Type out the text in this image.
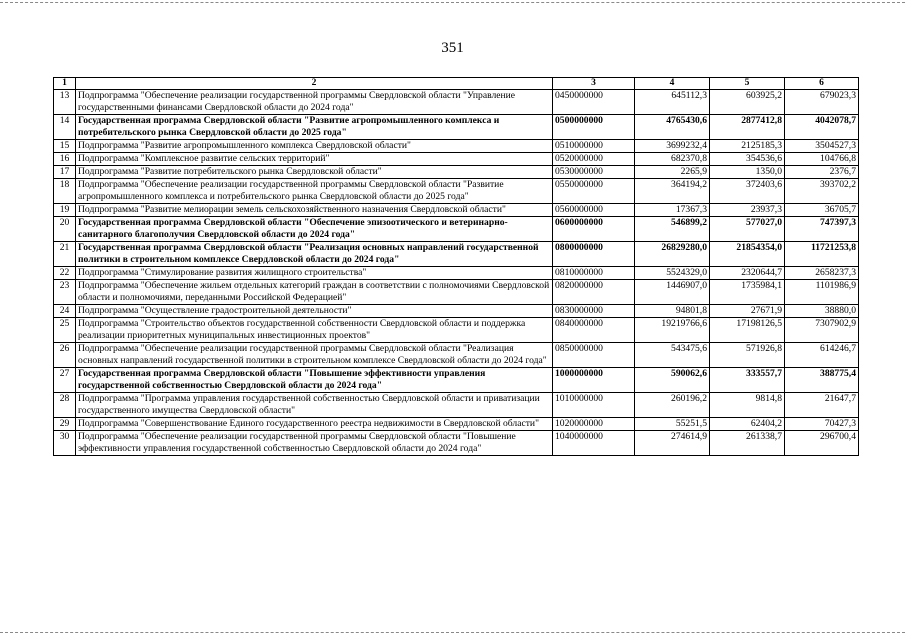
351
1	2	3	4	5	6
13	Подпрограмма "Обеспечение реализации государственной программы Свердловской области "Управление государственными финансами Свердловской области до 2024 года"	0450000000	645112,3	603925,2	679023,3
14	Государственная программа Свердловской области "Развитие агропромышленного комплекса и потребительского рынка Свердловской области до 2025 года"	0500000000	4765430,6	2877412,8	4042078,7
15	Подпрограмма "Развитие агропромышленного комплекса Свердловской области"	0510000000	3699232,4	2125185,3	3504527,3
16	Подпрограмма "Комплексное развитие сельских территорий"	0520000000	682370,8	354536,6	104766,8
17	Подпрограмма "Развитие потребительского рынка Свердловской области"	0530000000	2265,9	1350,0	2376,7
18	Подпрограмма "Обеспечение реализации государственной программы Свердловской области "Развитие агропромышленного комплекса и потребительского рынка Свердловской области до 2025 года"	0550000000	364194,2	372403,6	393702,2
19	Подпрограмма "Развитие мелиорации земель сельскохозяйственного назначения Свердловской области"	0560000000	17367,3	23937,3	36705,7
20	Государственная программа Свердловской области "Обеспечение эпизоотического и ветеринарно-санитарного благополучия Свердловской области до 2024 года"	0600000000	546899,2	577027,0	747397,3
21	Государственная программа Свердловской области "Реализация основных направлений государственной политики в строительном комплексе Свердловской области до 2024 года"	0800000000	26829280,0	21854354,0	11721253,8
22	Подпрограмма "Стимулирование развития жилищного строительства"	0810000000	5524329,0	2320644,7	2658237,3
23	Подпрограмма "Обеспечение жильем отдельных категорий граждан в соответствии с полномочиями Свердловской области и полномочиями, переданными Российской Федерацией"	0820000000	1446907,0	1735984,1	1101986,9
24	Подпрограмма "Осуществление градостроительной деятельности"	0830000000	94801,8	27671,9	38880,0
25	Подпрограмма "Строительство объектов государственной собственности Свердловской области и поддержка реализации приоритетных муниципальных инвестиционных проектов"	0840000000	19219766,6	17198126,5	7307902,9
26	Подпрограмма "Обеспечение реализации государственной программы Свердловской области "Реализация основных направлений государственной политики в строительном комплексе Свердловской области до 2024 года"	0850000000	543475,6	571926,8	614246,7
27	Государственная программа Свердловской области "Повышение эффективности управления государственной собственностью Свердловской области до 2024 года"	1000000000	590062,6	333557,7	388775,4
28	Подпрограмма "Программа управления государственной собственностью Свердловской области и приватизации государственного имущества Свердловской области"	1010000000	260196,2	9814,8	21647,7
29	Подпрограмма "Совершенствование Единого государственного реестра недвижимости в Свердловской области"	1020000000	55251,5	62404,2	70427,3
30	Подпрограмма "Обеспечение реализации государственной программы Свердловской области "Повышение эффективности управления государственной собственностью Свердловской области до 2024 года"	1040000000	274614,9	261338,7	296700,4
